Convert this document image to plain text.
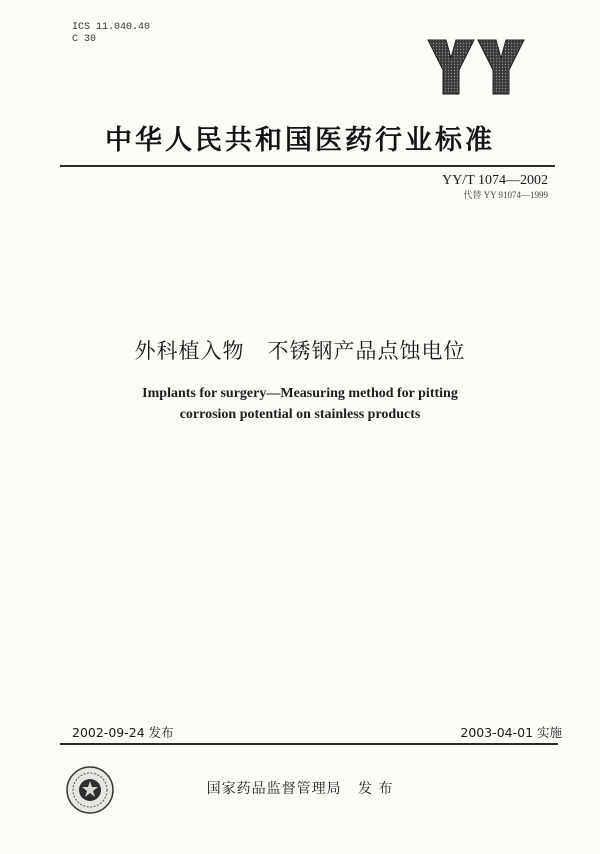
ICS 11.040.40
C 30
YY
中华人民共和国医药行业标准
YY/T 1074—2002
代替 YY 91074—1999
外科植入物   不锈钢产品点蚀电位
Implants for surgery—Measuring method for pitting
corrosion potential on stainless products
2002-09-24 发布	2003-04-01 实施
国家药品监督管理局   发 布
